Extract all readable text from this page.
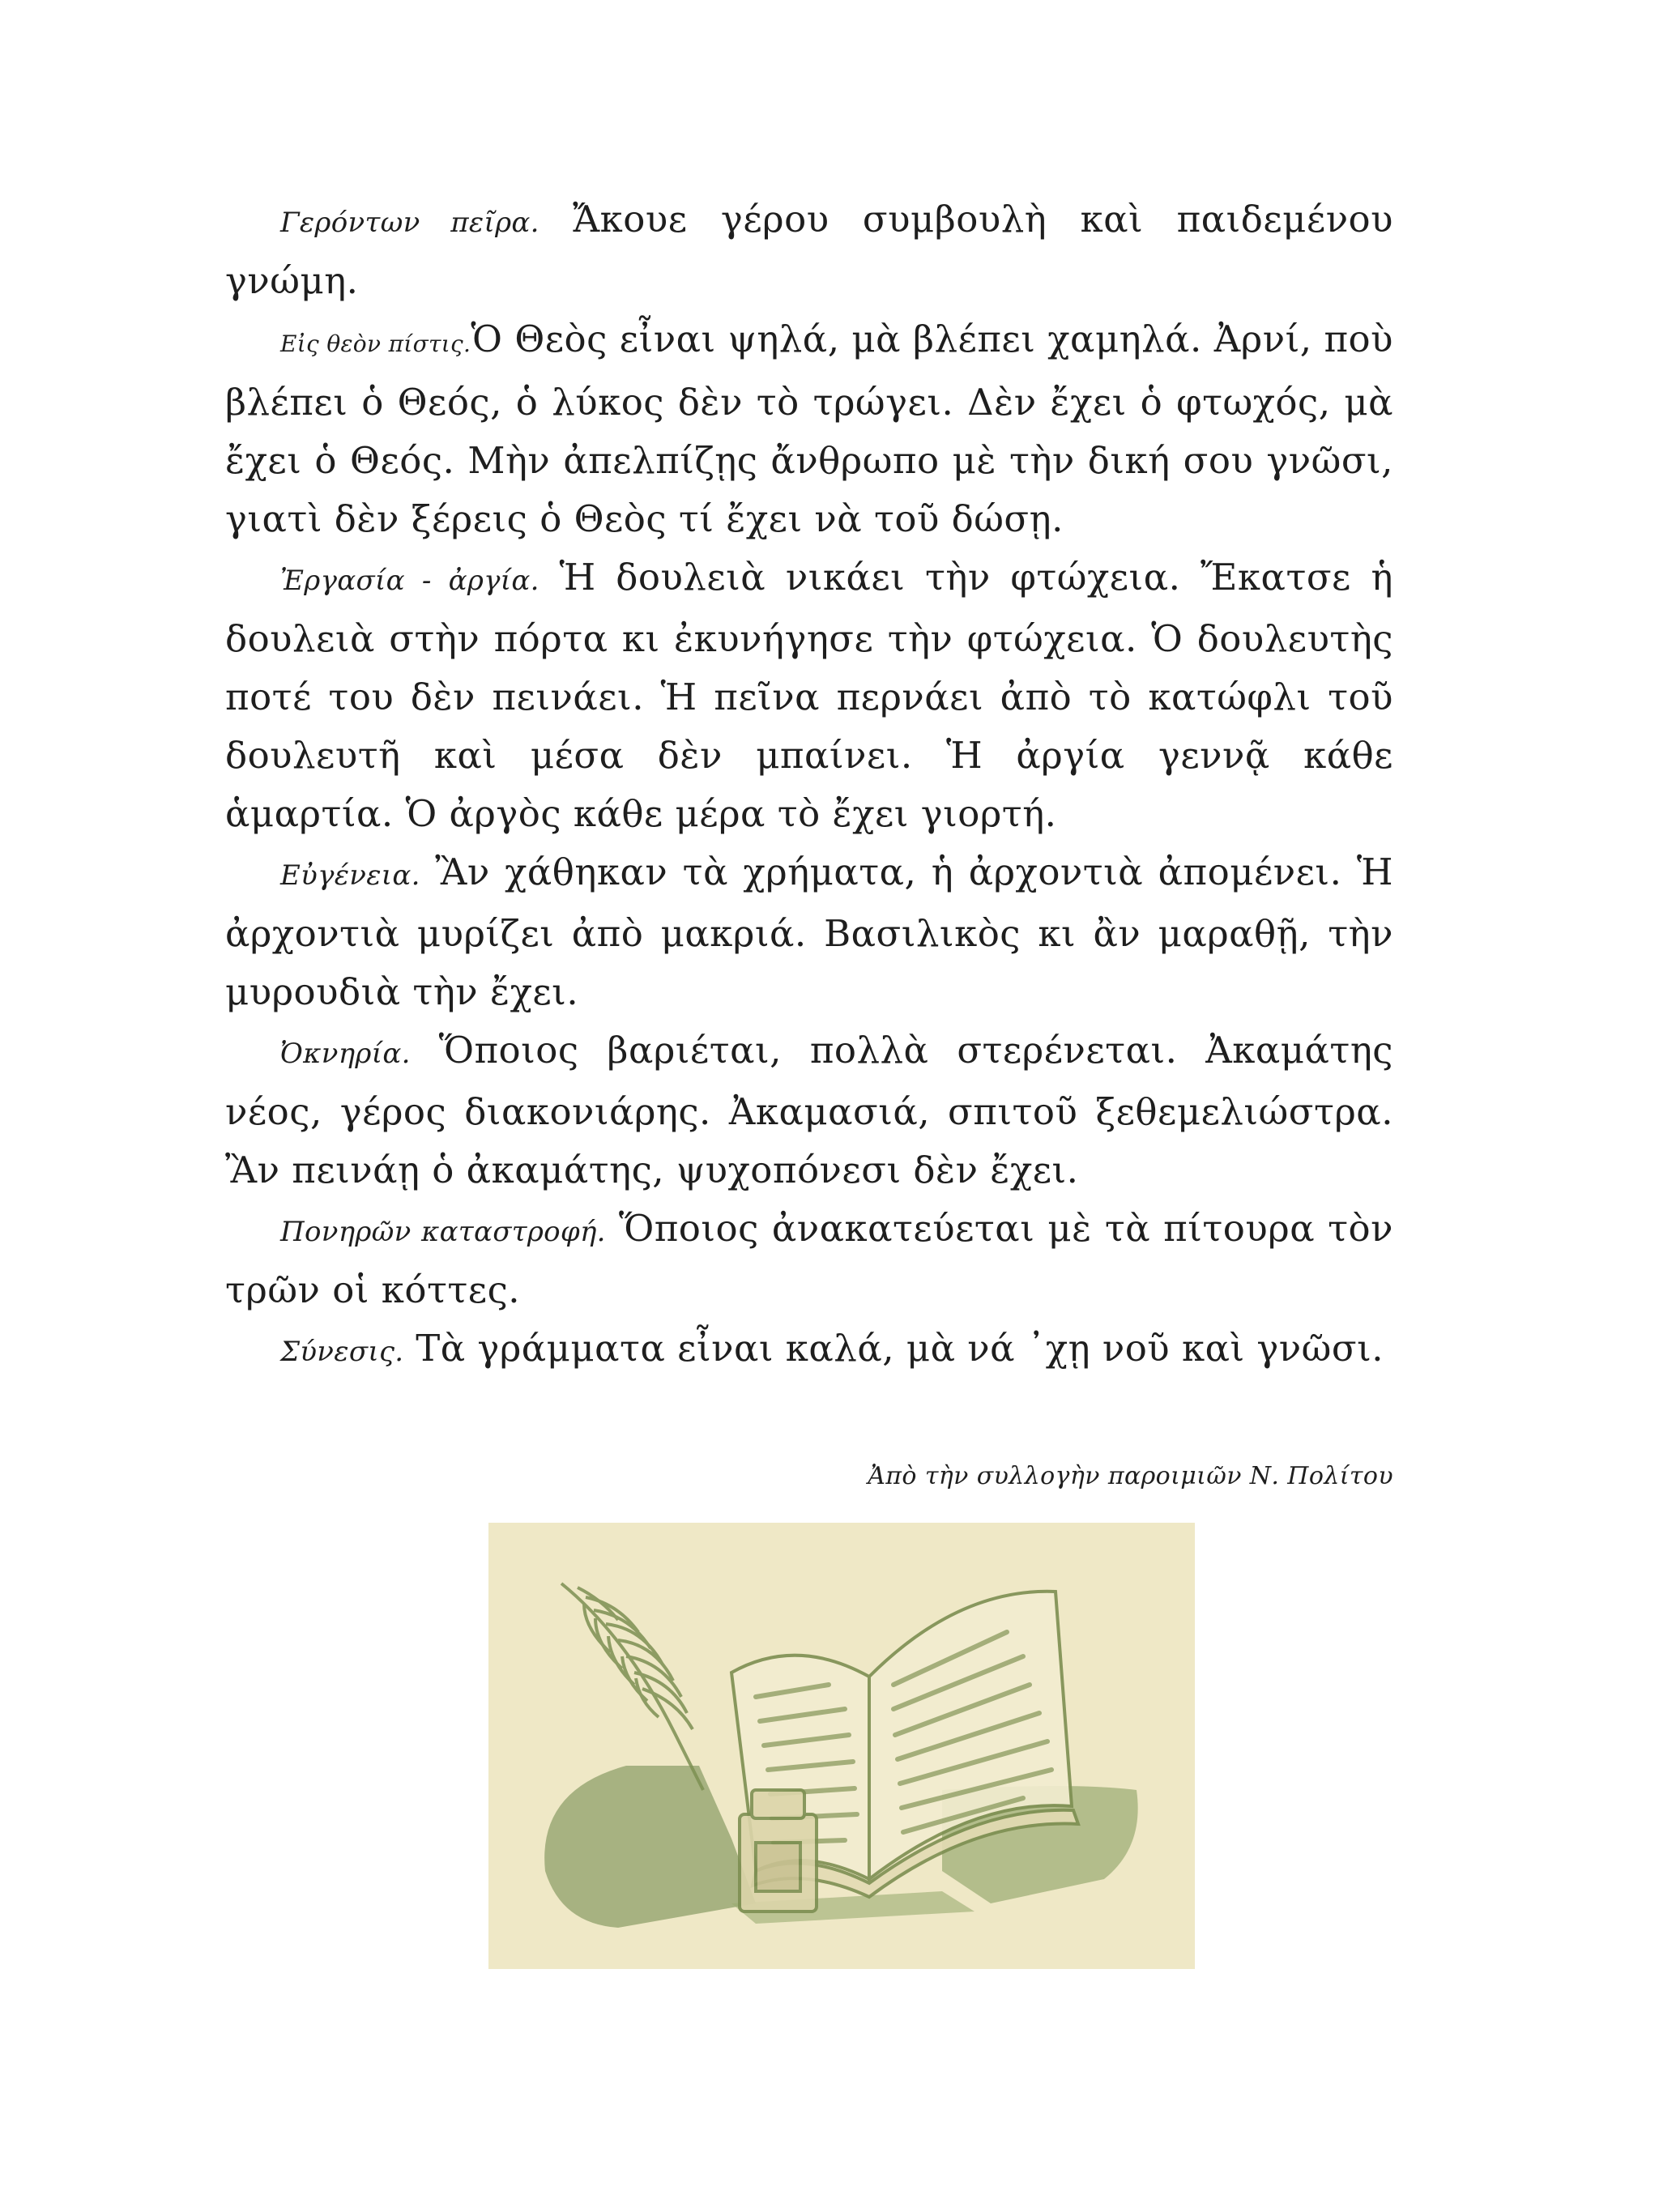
Γερόντων πεῖρα. Ἄκουε γέρου συμβουλὴ καὶ παιδεμένου γνώμη.

Εἰς θεὸν πίστις.Ὁ Θεὸς εἶναι ψηλά, μὰ βλέπει χαμηλά. Ἀρνί, ποὺ βλέπει ὁ Θεός, ὁ λύκος δὲν τὸ τρώγει. Δὲν ἔχει ὁ φτωχός, μὰ ἔχει ὁ Θεός. Μὴν ἀπελπίζῃς ἄνθρωπο μὲ τὴν δική σου γνῶσι, γιατὶ δὲν ξέρεις ὁ Θεὸς τί ἔχει νὰ τοῦ δώσῃ.

Ἐργασία - ἀργία. Ἡ δουλειὰ νικάει τὴν φτώχεια. Ἔκατσε ἡ δουλειὰ στὴν πόρτα κι ἐκυνήγησε τὴν φτώχεια. Ὁ δουλευτὴς ποτέ του δὲν πεινάει. Ἡ πεῖνα περνάει ἀπὸ τὸ κατώφλι τοῦ δουλευτῆ καὶ μέσα δὲν μπαίνει. Ἡ ἀργία γεννᾷ κάθε ἁμαρτία. Ὁ ἀργὸς κάθε μέρα τὸ ἔχει γιορτή.

Εὐγένεια. Ἂν χάθηκαν τὰ χρήματα, ἡ ἀρχοντιὰ ἀπομένει. Ἡ ἀρχοντιὰ μυρίζει ἀπὸ μακριά. Βασιλικὸς κι ἂν μαραθῇ, τὴν μυρουδιὰ τὴν ἔχει.

Ὀκνηρία. Ὅποιος βαριέται, πολλὰ στερένεται. Ἀκαμάτης νέος, γέρος διακονιάρης. Ἀκαμασιά, σπιτοῦ ξεθεμελιώστρα. Ἂν πεινάῃ ὁ ἀκαμάτης, ψυχοπόνεσι δὲν ἔχει.

Πονηρῶν καταστροφή. Ὅποιος ἀνακατεύεται μὲ τὰ πίτουρα τὸν τρῶν οἱ κόττες.

Σύνεσις. Τὰ γράμματα εἶναι καλά, μὰ νά ᾽χῃ νοῦ καὶ γνῶσι.

Ἀπὸ τὴν συλλογὴν παροιμιῶν Ν. Πολίτου
